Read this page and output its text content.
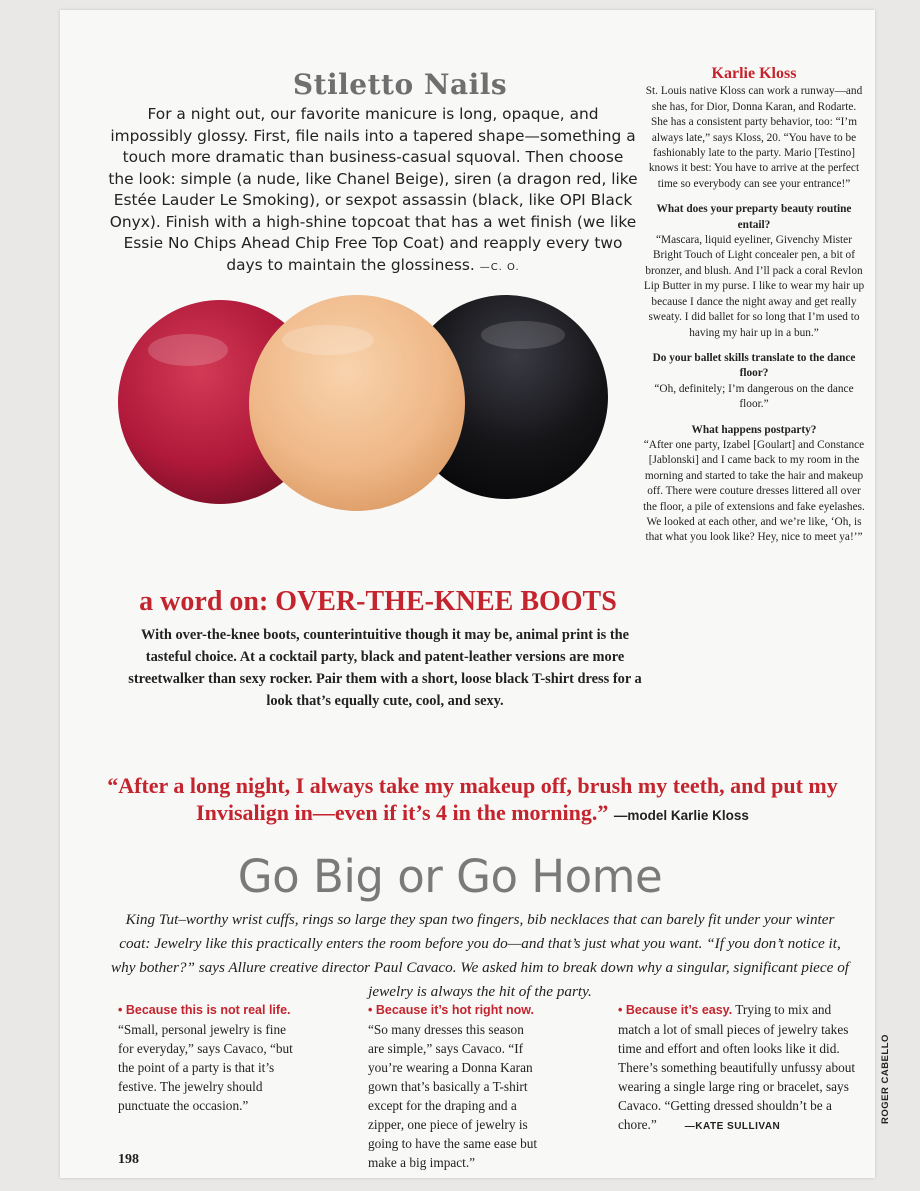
Stiletto Nails
For a night out, our favorite manicure is long, opaque, and impossibly glossy. First, file nails into a tapered shape—something a touch more dramatic than business-casual squoval. Then choose the look: simple (a nude, like Chanel Beige), siren (a dragon red, like Estée Lauder Le Smoking), or sexpot assassin (black, like OPI Black Onyx). Finish with a high-shine topcoat that has a wet finish (we like Essie No Chips Ahead Chip Free Top Coat) and reapply every two days to maintain the glossiness. —C. O.
Karlie Kloss

St. Louis native Kloss can work a runway—and she has, for Dior, Donna Karan, and Rodarte. She has a consistent party behavior, too: “I’m always late,” says Kloss, 20. “You have to be fashionably late to the party. Mario [Testino] knows it best: You have to arrive at the perfect time so everybody can see your entrance!”

What does your preparty beauty routine entail?

“Mascara, liquid eyeliner, Givenchy Mister Bright Touch of Light concealer pen, a bit of bronzer, and blush. And I’ll pack a coral Revlon Lip Butter in my purse. I like to wear my hair up because I dance the night away and get really sweaty. I did ballet for so long that I’m used to having my hair up in a bun.”

Do your ballet skills translate to the dance floor?

“Oh, definitely; I’m dangerous on the dance floor.”

What happens postparty?

“After one party, Izabel [Goulart] and Constance [Jablonski] and I came back to my room in the morning and started to take the hair and makeup off. There were couture dresses littered all over the floor, a pile of extensions and fake eyelashes. We looked at each other, and we’re like, ‘Oh, is that what you look like? Hey, nice to meet ya!’”

a word on: OVER-THE-KNEE BOOTS
With over-the-knee boots, counterintuitive though it may be, animal print is the tasteful choice. At a cocktail party, black and patent-leather versions are more streetwalker than sexy rocker. Pair them with a short, loose black T-shirt dress for a look that’s equally cute, cool, and sexy.
“After a long night, I always take my makeup off, brush my teeth, and put my Invisalign in—even if it’s 4 in the morning.” —model Karlie Kloss
Go Big or Go Home
King Tut–worthy wrist cuffs, rings so large they span two fingers, bib necklaces that can barely fit under your winter coat: Jewelry like this practically enters the room before you do—and that’s just what you want. “If you don’t notice it, why bother?” says Allure creative director Paul Cavaco. We asked him to break down why a singular, significant piece of jewelry is always the hit of the party.
• Because this is not real life. “Small, personal jewelry is fine for everyday,” says Cavaco, “but the point of a party is that it’s festive. The jewelry should punctuate the occasion.”
• Because it’s hot right now. “So many dresses this season are simple,” says Cavaco. “If you’re wearing a Donna Karan gown that’s basically a T-shirt except for the draping and a zipper, one piece of jewelry is going to have the same ease but make a big impact.”
• Because it’s easy. Trying to mix and match a lot of small pieces of jewelry takes time and effort and often looks like it did. There’s something beautifully unfussy about wearing a single large ring or bracelet, says Cavaco. “Getting dressed shouldn’t be a chore.”	—KATE SULLIVAN
ROGER CABELLO
198
